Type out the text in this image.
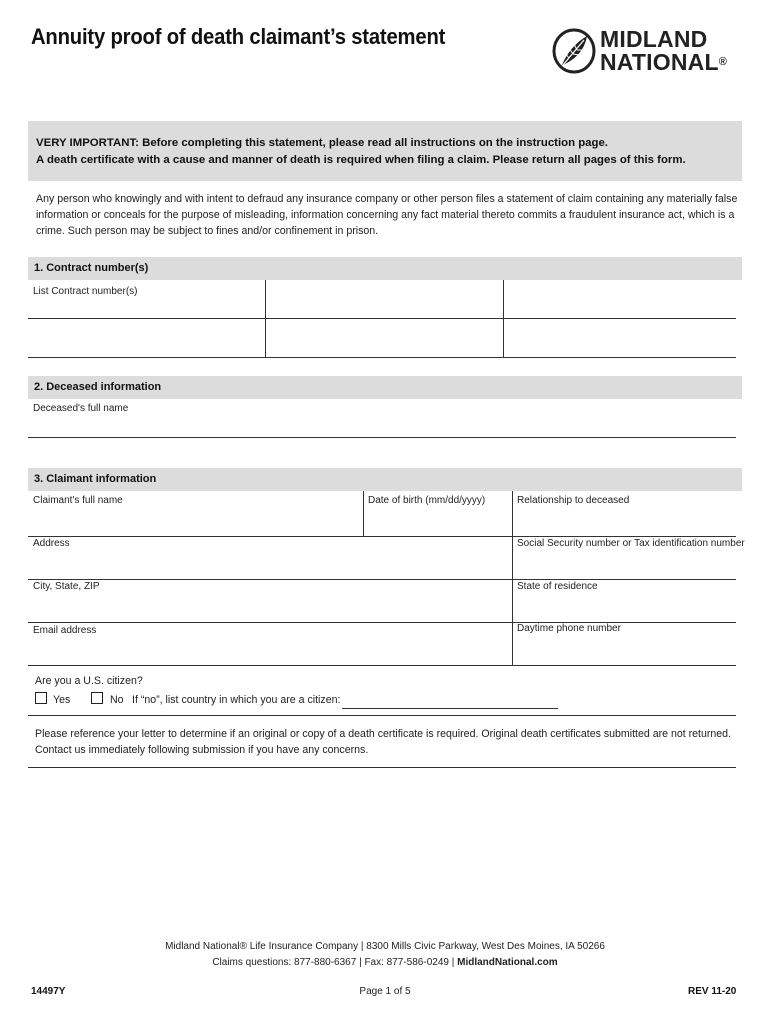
Annuity proof of death claimant’s statement	MIDLAND
NATIONAL®
VERY IMPORTANT: Before completing this statement, please read all instructions on the instruction page.
A death certificate with a cause and manner of death is required when filing a claim. Please return all pages of this form.
Any person who knowingly and with intent to defraud any insurance company or other person files a statement of claim containing any materially false information or conceals for the purpose of misleading, information concerning any fact material thereto commits a fraudulent insurance act, which is a crime. Such person may be subject to fines and/or confinement in prison.
1. Contract number(s)
List Contract number(s)
2. Deceased information
Deceased's full name
3. Claimant information
Claimant's full name	Date of birth (mm/dd/yyyy)	Relationship to deceased
Address	Social Security number or Tax identification number
City, State, ZIP	State of residence
Email address	Daytime phone number
Are you a U.S. citizen?
Yes	No If “no”, list country in which you are a citizen:
Please reference your letter to determine if an original or copy of a death certificate is required. Original death certificates submitted are not returned.
Contact us immediately following submission if you have any concerns.
Midland National® Life Insurance Company | 8300 Mills Civic Parkway, West Des Moines, IA 50266
Claims questions: 877-880-6367 | Fax: 877-586-0249 | MidlandNational.com
14497Y	Page 1 of 5	REV 11-20
